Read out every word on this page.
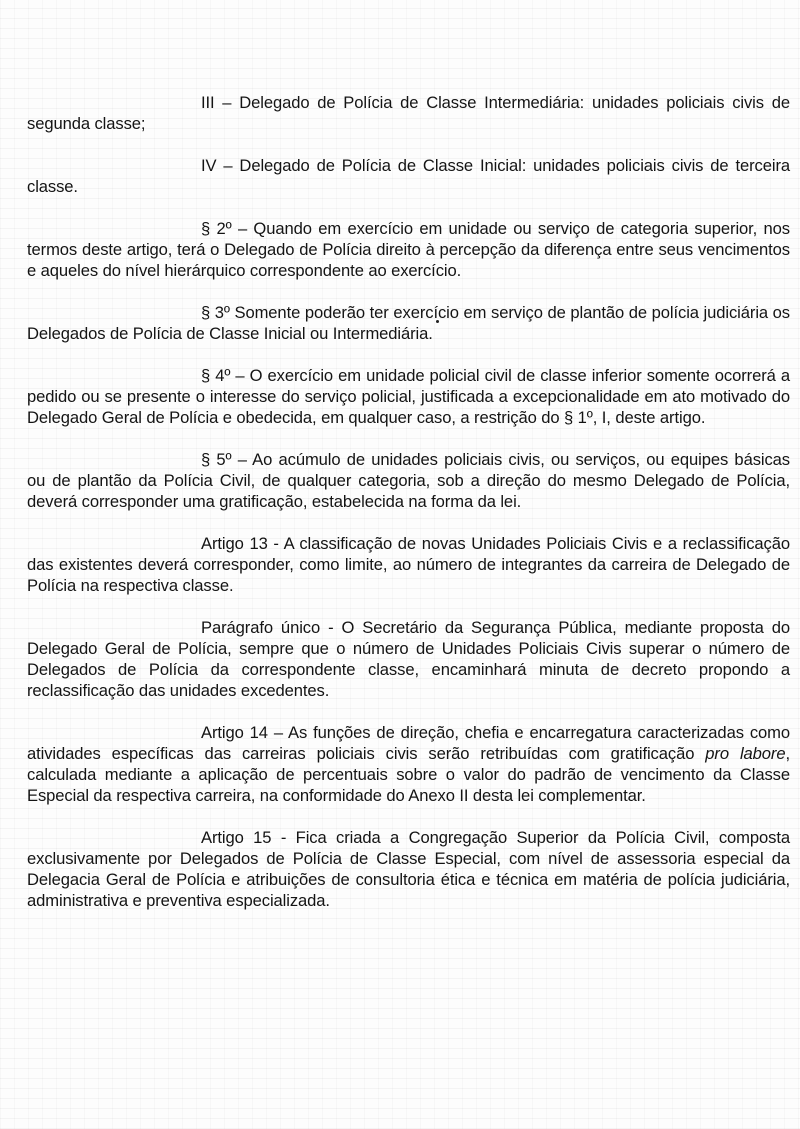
III – Delegado de Polícia de Classe Intermediária: unidades policiais civis de segunda classe;

IV – Delegado de Polícia de Classe Inicial: unidades policiais civis de terceira classe.

§ 2º – Quando em exercício em unidade ou serviço de categoria superior, nos termos deste artigo, terá o Delegado de Polícia direito à percepção da diferença entre seus vencimentos e aqueles do nível hierárquico correspondente ao exercício.

§ 3º Somente poderão ter exercício em serviço de plantão de polícia judiciária os Delegados de Polícia de Classe Inicial ou Intermediária.

§ 4º – O exercício em unidade policial civil de classe inferior somente ocorrerá a pedido ou se presente o interesse do serviço policial, justificada a excepcionalidade em ato motivado do Delegado Geral de Polícia e obedecida, em qualquer caso, a restrição do § 1º, I, deste artigo.

§ 5º – Ao acúmulo de unidades policiais civis, ou serviços, ou equipes básicas ou de plantão da Polícia Civil, de qualquer categoria, sob a direção do mesmo Delegado de Polícia, deverá corresponder uma gratificação, estabelecida na forma da lei.

Artigo 13 - A classificação de novas Unidades Policiais Civis e a reclassificação das existentes deverá corresponder, como limite, ao número de integrantes da carreira de Delegado de Polícia na respectiva classe.

Parágrafo único - O Secretário da Segurança Pública, mediante proposta do Delegado Geral de Polícia, sempre que o número de Unidades Policiais Civis superar o número de Delegados de Polícia da correspondente classe, encaminhará minuta de decreto propondo a reclassificação das unidades excedentes.

Artigo 14 – As funções de direção, chefia e encarregatura caracterizadas como atividades específicas das carreiras policiais civis serão retribuídas com gratificação pro labore, calculada mediante a aplicação de percentuais sobre o valor do padrão de vencimento da Classe Especial da respectiva carreira, na conformidade do Anexo II desta lei complementar.

Artigo 15 - Fica criada a Congregação Superior da Polícia Civil, composta exclusivamente por Delegados de Polícia de Classe Especial, com nível de assessoria especial da Delegacia Geral de Polícia e atribuições de consultoria ética e técnica em matéria de polícia judiciária, administrativa e preventiva especializada.
